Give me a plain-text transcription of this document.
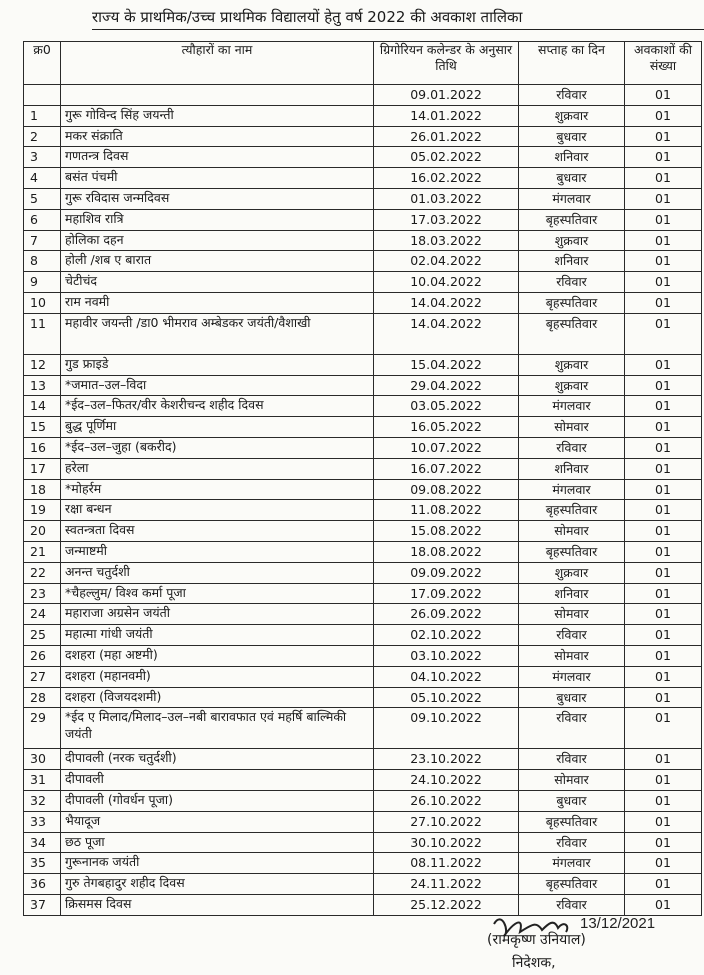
राज्य के प्राथमिक/उच्च प्राथमिक विद्यालयों हेतु वर्ष 2022 की अवकाश तालिका
क्र0	त्यौहारों का नाम	ग्रिगोरियन कलेन्डर के अनुसार तिथि	सप्ताह का दिन	अवकाशों की संख्या
		09.01.2022	रविवार	01
1	गुरू गोविन्द सिंह जयन्ती	14.01.2022	शुक्रवार	01
2	मकर संक्राति	26.01.2022	बुधवार	01
3	गणतन्त्र दिवस	05.02.2022	शनिवार	01
4	बसंत पंचमी	16.02.2022	बुधवार	01
5	गुरू रविदास जन्मदिवस	01.03.2022	मंगलवार	01
6	महाशिव रात्रि	17.03.2022	बृहस्पतिवार	01
7	होलिका दहन	18.03.2022	शुक्रवार	01
8	होली /शब ए बारात	02.04.2022	शनिवार	01
9	चेटीचंद	10.04.2022	रविवार	01
10	राम नवमी	14.04.2022	बृहस्पतिवार	01
11	महावीर जयन्ती /डा0 भीमराव अम्बेडकर जयंती/वैशाखी	14.04.2022	बृहस्पतिवार	01
12	गुड फ्राइडे	15.04.2022	शुक्रवार	01
13	*जमात–उल–विदा	29.04.2022	शुक्रवार	01
14	*ईद–उल–फितर/वीर केशरीचन्द शहीद दिवस	03.05.2022	मंगलवार	01
15	बुद्ध पूर्णिमा	16.05.2022	सोमवार	01
16	*ईद–उल–जुहा (बकरीद)	10.07.2022	रविवार	01
17	हरेला	16.07.2022	शनिवार	01
18	*मोहर्रम	09.08.2022	मंगलवार	01
19	रक्षा बन्धन	11.08.2022	बृहस्पतिवार	01
20	स्वतन्त्रता दिवस	15.08.2022	सोमवार	01
21	जन्माष्टमी	18.08.2022	बृहस्पतिवार	01
22	अनन्त चतुर्दशी	09.09.2022	शुक्रवार	01
23	*चैहल्लुम/ विश्व कर्मा पूजा	17.09.2022	शनिवार	01
24	महाराजा अग्रसेन जयंती	26.09.2022	सोमवार	01
25	महात्मा गांधी जयंती	02.10.2022	रविवार	01
26	दशहरा (महा अष्टमी)	03.10.2022	सोमवार	01
27	दशहरा (महानवमी)	04.10.2022	मंगलवार	01
28	दशहरा (विजयदशमी)	05.10.2022	बुधवार	01
29	*ईद ए मिलाद/मिलाद–उल–नबी बारावफात एवं महर्षि बाल्मिकी जयंती	09.10.2022	रविवार	01
30	दीपावली (नरक चतुर्दशी)	23.10.2022	रविवार	01
31	दीपावली	24.10.2022	सोमवार	01
32	दीपावली (गोवर्धन पूजा)	26.10.2022	बुधवार	01
33	भैयादूज	27.10.2022	बृहस्पतिवार	01
34	छठ पूजा	30.10.2022	रविवार	01
35	गुरूनानक जयंती	08.11.2022	मंगलवार	01
36	गुरु तेगबहादुर शहीद दिवस	24.11.2022	बृहस्पतिवार	01
37	क्रिसमस दिवस	25.12.2022	रविवार	01
13/12/2021
(रामकृष्ण उनियाल)
निदेशक,
